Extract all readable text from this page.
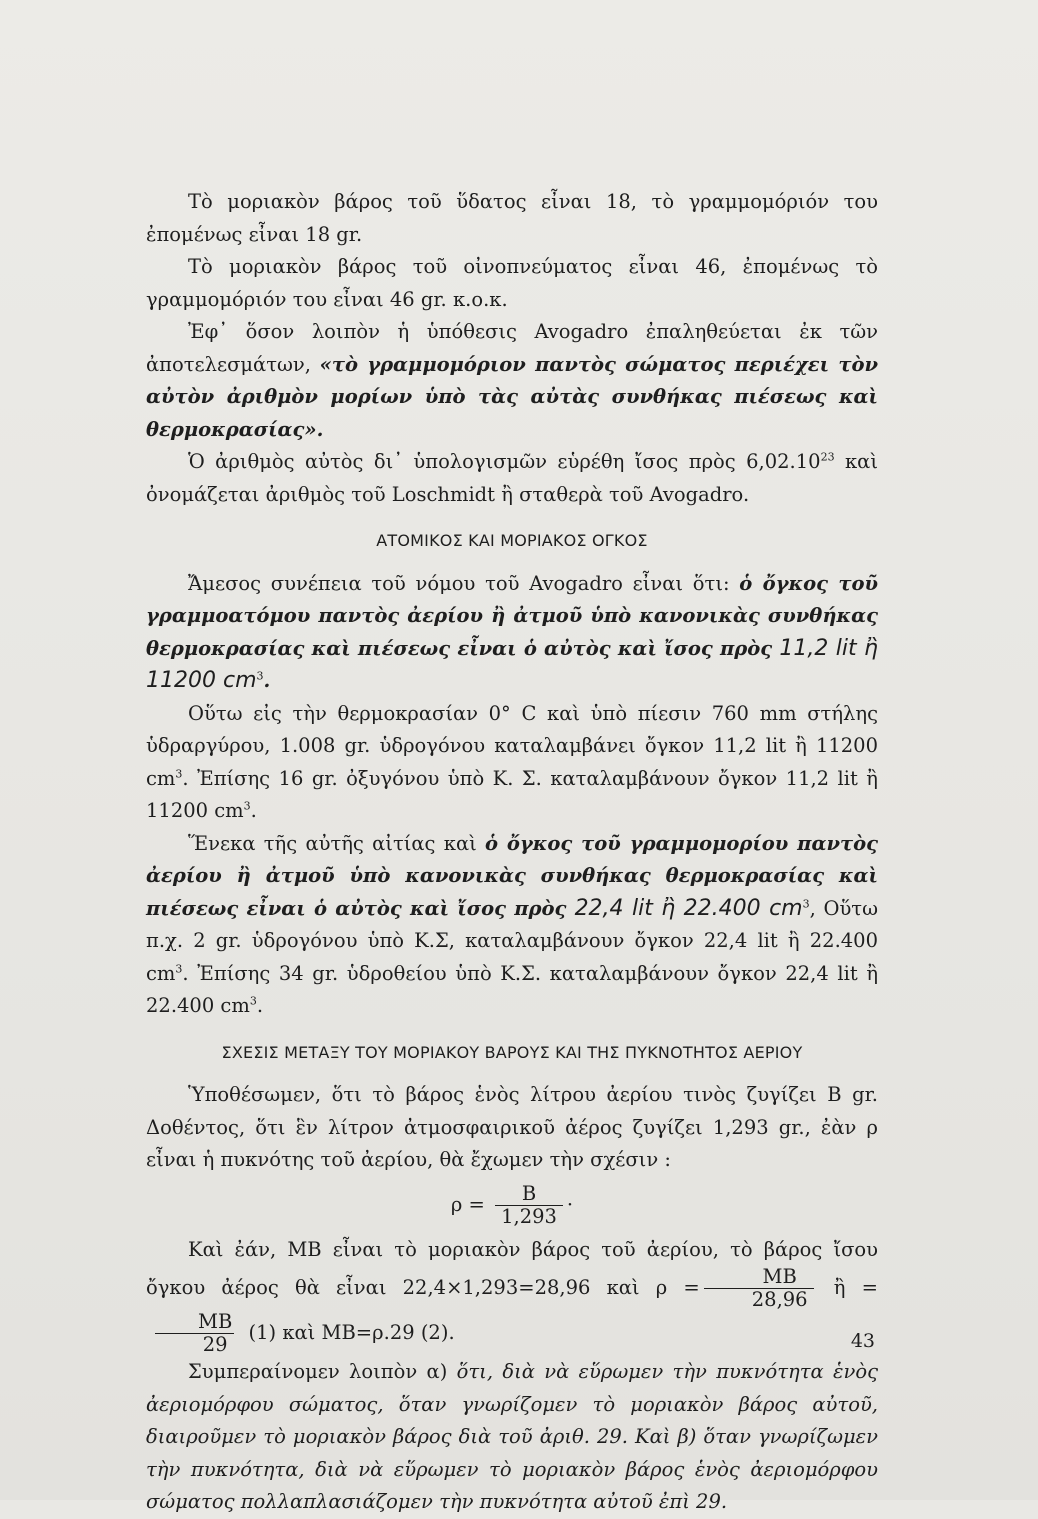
Τὸ μοριακὸν βάρος τοῦ ὕδατος εἶναι 18, τὸ γραμμομόριόν του ἐπομένως εἶναι 18 gr.

Τὸ μοριακὸν βάρος τοῦ οἰνοπνεύματος εἶναι 46, ἐπομένως τὸ γραμμομόριόν του εἶναι 46 gr. κ.ο.κ.

Ἐφ᾽ ὅσον λοιπὸν ἡ ὑπόθεσις Avogadro ἐπαληθεύεται ἐκ τῶν ἀποτελεσμάτων, «τὸ γραμμομόριον παντὸς σώματος περιέχει τὸν αὐτὸν ἀριθμὸν μορίων ὑπὸ τὰς αὐτὰς συνθήκας πιέσεως καὶ θερμοκρασίας».

Ὁ ἀριθμὸς αὐτὸς δι᾽ ὑπολογισμῶν εὑρέθη ἴσος πρὸς 6,02.10$^{23}$ καὶ ὀνομάζεται ἀριθμὸς τοῦ Loschmidt ἢ σταθερὰ τοῦ Avogadro.

ΑΤΟΜΙΚΟΣ ΚΑΙ ΜΟΡΙΑΚΟΣ ΟΓΚΟΣ

Ἄμεσος συνέπεια τοῦ νόμου τοῦ Avogadro εἶναι ὅτι: ὁ ὄγκος τοῦ γραμμοατόμου παντὸς ἀερίου ἢ ἀτμοῦ ὑπὸ κανονικὰς συνθήκας θερμοκρασίας καὶ πιέσεως εἶναι ὁ αὐτὸς καὶ ἴσος πρὸς 11,2 lit ἢ 11200 $cm^3$.

Οὕτω εἰς τὴν θερμοκρασίαν 0° C καὶ ὑπὸ πίεσιν 760 mm στήλης ὑδραργύρου, 1.008 gr. ὑδρογόνου καταλαμβάνει ὄγκον 11,2 lit ἢ 11200 $cm^3$. Ἐπίσης 16 gr. ὀξυγόνου ὑπὸ Κ. Σ. καταλαμβάνουν ὄγκον 11,2 lit ἢ 11200 $cm^3$.

Ἕνεκα τῆς αὐτῆς αἰτίας καὶ ὁ ὄγκος τοῦ γραμμομορίου παντὸς ἀερίου ἢ ἀτμοῦ ὑπὸ κανονικὰς συνθήκας θερμοκρασίας καὶ πιέσεως εἶναι ὁ αὐτὸς καὶ ἴσος πρὸς 22,4 lit ἢ 22.400 $cm^3$, Οὕτω π.χ. 2 gr. ὑδρογόνου ὑπὸ Κ.Σ, καταλαμβάνουν ὄγκον 22,4 lit ἢ 22.400 $cm^3$. Ἐπίσης 34 gr. ὑδροθείου ὑπὸ Κ.Σ. καταλαμβάνουν ὄγκον 22,4 lit ἢ 22.400 $cm^3$.

ΣΧΕΣΙΣ ΜΕΤΑΞΥ ΤΟΥ ΜΟΡΙΑΚΟΥ ΒΑΡΟΥΣ ΚΑΙ ΤΗΣ ΠΥΚΝΟΤΗΤΟΣ ΑΕΡΙΟΥ

Ὑποθέσωμεν, ὅτι τὸ βάρος ἑνὸς λίτρου ἀερίου τινὸς ζυγίζει Β gr. Δοθέντος, ὅτι ἓν λίτρον ἀτμοσφαιρικοῦ ἀέρος ζυγίζει 1,293 gr., ἐὰν ρ εἶναι ἡ πυκνότης τοῦ ἀερίου, θὰ ἔχωμεν τὴν σχέσιν :

$\rho = \frac{B}{1,293}$ ·

Καὶ ἐάν, ΜΒ εἶναι τὸ μοριακὸν βάρος τοῦ ἀερίου, τὸ βάρος ἴσου ὄγκου ἀέρος θὰ εἶναι 22,4×1,293=28,96 καὶ $\rho = \frac{MB}{28,96}$ ἢ =
$\frac{MB}{29} (1)$ καὶ ΜΒ=ρ.29 (2).

Συμπεραίνομεν λοιπὸν α) ὅτι, διὰ νὰ εὕρωμεν τὴν πυκνότητα ἑνὸς ἀεριομόρφου σώματος, ὅταν γνωρίζομεν τὸ μοριακὸν βάρος αὐτοῦ, διαιροῦμεν τὸ μοριακὸν βάρος διὰ τοῦ ἀριθ. 29. Καὶ β) ὅταν γνωρίζωμεν τὴν πυκνότητα, διὰ νὰ εὕρωμεν τὸ μοριακὸν βάρος ἑνὸς ἀεριομόρφου σώματος πολλαπλασιάζομεν τὴν πυκνότητα αὐτοῦ ἐπὶ 29.

43
